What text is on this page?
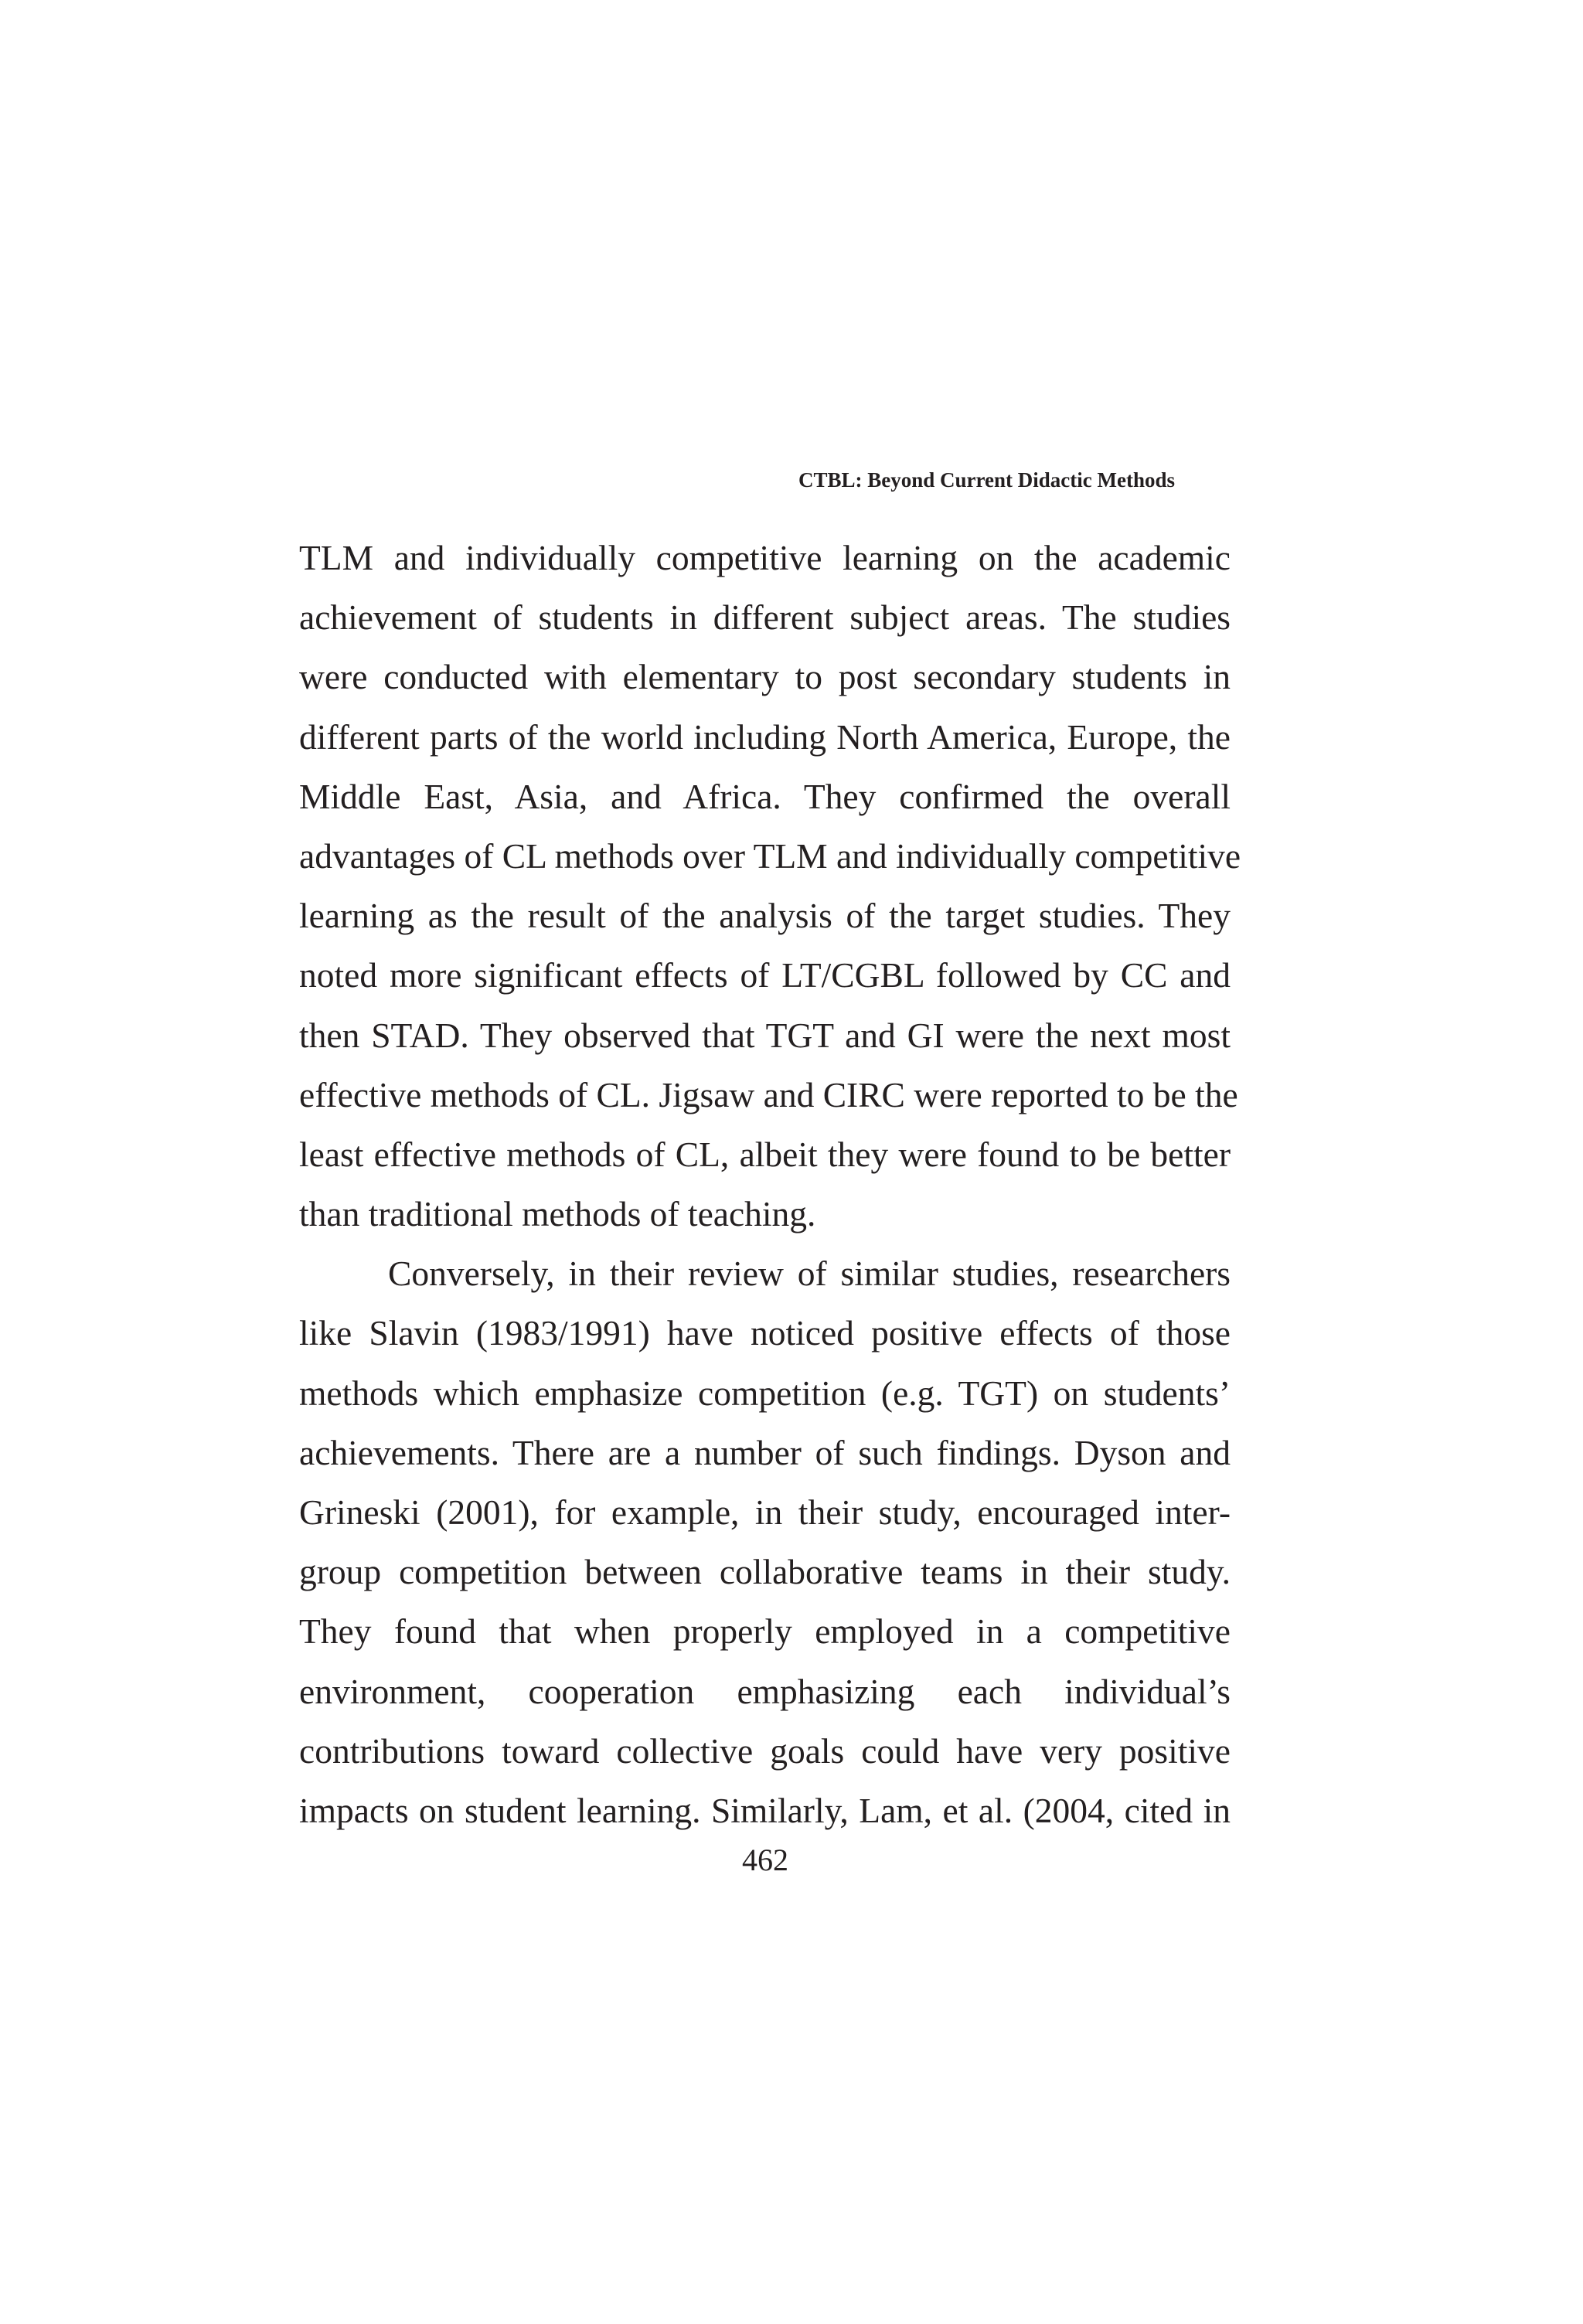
CTBL: Beyond Current Didactic Methods
TLM and individually competitive learning on the academic
achievement of students in different subject areas. The studies
were conducted with elementary to post secondary students in
different parts of the world including North America, Europe, the
Middle East, Asia, and Africa. They confirmed the overall
advantages of CL methods over TLM and individually competitive
learning as the result of the analysis of the target studies. They
noted more significant effects of LT/CGBL followed by CC and
then STAD. They observed that TGT and GI were the next most
effective methods of CL. Jigsaw and CIRC were reported to be the
least effective methods of CL, albeit they were found to be better
than traditional methods of teaching.
Conversely, in their review of similar studies, researchers
like Slavin (1983/1991) have noticed positive effects of those
methods which emphasize competition (e.g. TGT) on students’
achievements. There are a number of such findings. Dyson and
Grineski (2001), for example, in their study, encouraged inter-
group competition between collaborative teams in their study.
They found that when properly employed in a competitive
environment, cooperation emphasizing each individual’s
contributions toward collective goals could have very positive
impacts on student learning. Similarly, Lam, et al. (2004, cited in
462
